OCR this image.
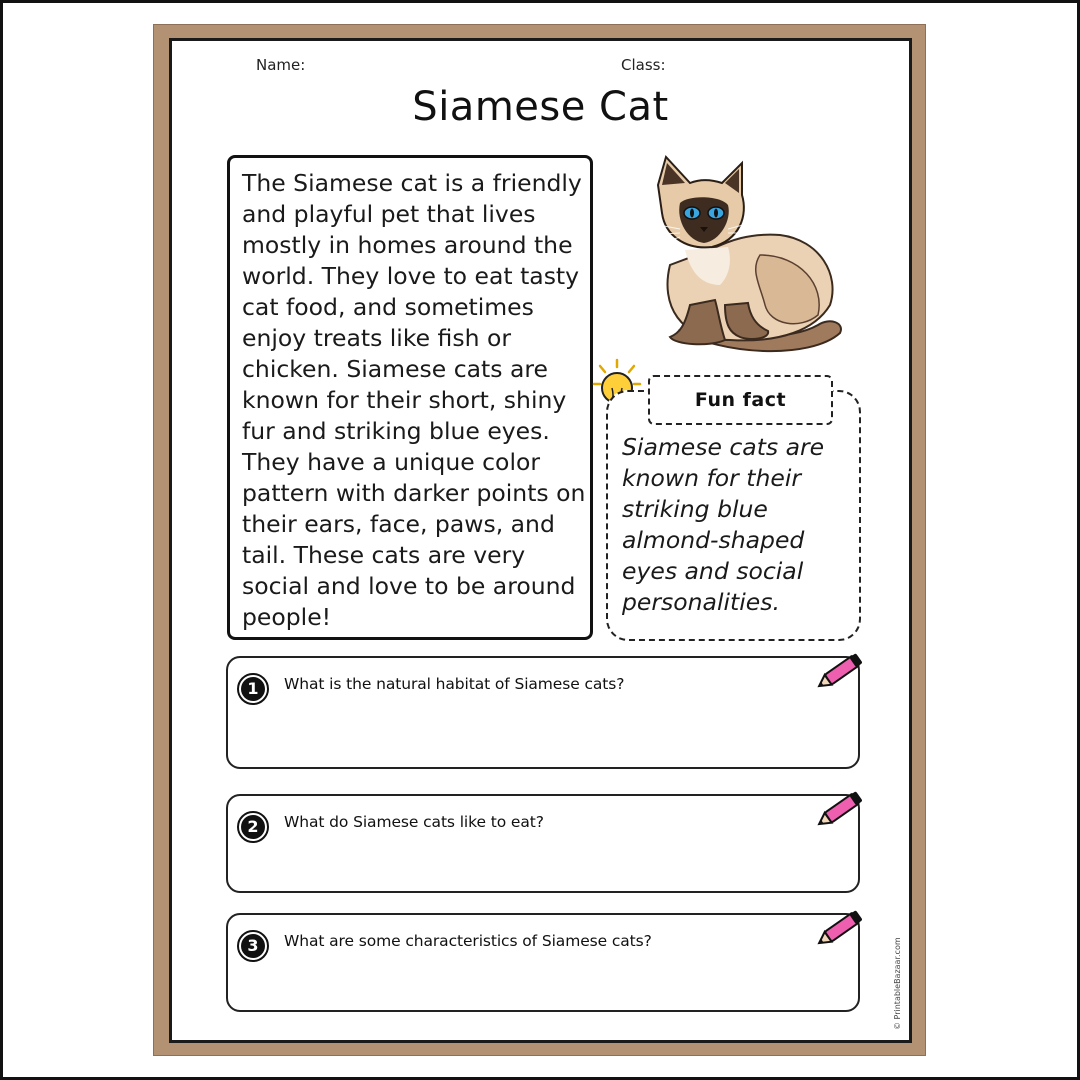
Name:	Class:
Siamese Cat
The Siamese cat is a friendly and playful pet that lives mostly in homes around the world. They love to eat tasty cat food, and sometimes enjoy treats like fish or chicken. Siamese cats are known for their short, shiny fur and striking blue eyes. They have a unique color pattern with darker points on their ears, face, paws, and tail. These cats are very social and love to be around people!
Fun fact
Siamese cats are known for their striking blue almond-shaped eyes and social personalities.
1	What is the natural habitat of Siamese cats?
2	What do Siamese cats like to eat?
3	What are some characteristics of Siamese cats?	© PrintableBazaar.com
